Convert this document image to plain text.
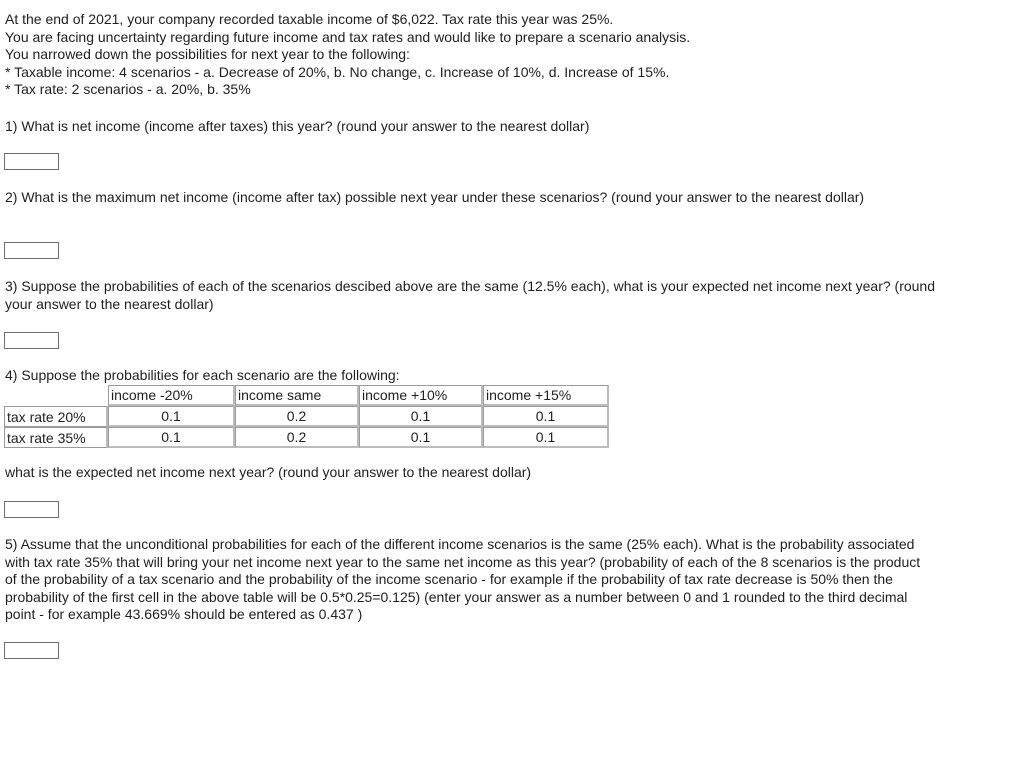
At the end of 2021, your company recorded taxable income of $6,022. Tax rate this year was 25%.
You are facing uncertainty regarding future income and tax rates and would like to prepare a scenario analysis.
You narrowed down the possibilities for next year to the following:
* Taxable income: 4 scenarios - a. Decrease of 20%, b. No change, c. Increase of 10%, d. Increase of 15%.
* Tax rate: 2 scenarios - a. 20%, b. 35%
1) What is net income (income after taxes) this year? (round your answer to the nearest dollar)
2) What is the maximum net income (income after tax) possible next year under these scenarios? (round your answer to the nearest dollar)
3) Suppose the probabilities of each of the scenarios descibed above are the same (12.5% each), what is your expected net income next year? (round your answer to the nearest dollar)
4) Suppose the probabilities for each scenario are the following:
	income -20%	income same	income +10%	income +15%
tax rate 20%	0.1	0.2	0.1	0.1
tax rate 35%	0.1	0.2	0.1	0.1
what is the expected net income next year? (round your answer to the nearest dollar)
5) Assume that the unconditional probabilities for each of the different income scenarios is the same (25% each). What is the probability associated with tax rate 35% that will bring your net income next year to the same net income as this year? (probability of each of the 8 scenarios is the product of the probability of a tax scenario and the probability of the income scenario - for example if the probability of tax rate decrease is 50% then the probability of the first cell in the above table will be 0.5*0.25=0.125) (enter your answer as a number between 0 and 1 rounded to the third decimal point - for example 43.669% should be entered as 0.437 )
